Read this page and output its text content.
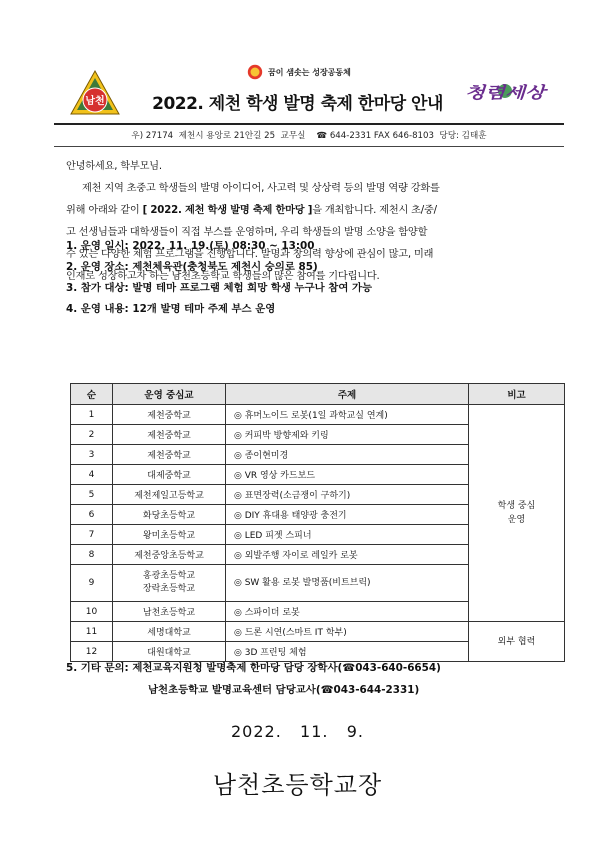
남천
꿈이 샘솟는 성장공동체
2022. 제천 학생 발명 축제 한마당 안내
청렴세상
우) 27174  제천시 용앙로 21안길 25  교무실    ☎ 644-2331 FAX 646-8103  당당: 김태훈
안녕하세요, 학부모님.
제천 지역 초중고 학생들의 발명 아이디어, 사고력 및 상상력 등의 발명 역량 강화를
위해 아래와 같이 [ 2022. 제천 학생 발명 축제 한마당 ]을 개최합니다. 제천시 초/중/
고 선생님들과 대학생들이 직접 부스를 운영하며, 우리 학생들의 발명 소양을 함양할
수 있는 다양한 체험 프로그램을 진행합니다. 발명과 창의력 향상에 관심이 많고, 미래
인재로 성장하고자 하는 남천초등학교 학생들의 많은 참여를 기다립니다.
1. 운영 일시: 2022. 11. 19.(토) 08:30 ~ 13:00
2. 운영 장소: 제천체육관(충청북도 제천시 숭의로 85)
3. 참가 대상: 발명 테마 프로그램 체험 희망 학생 누구나 참여 가능
4. 운영 내용: 12개 발명 테마 주제 부스 운영
순	운영 중심교	주제	비고
1	제천중학교	◎ 휴머노이드 로봇(1일 과학교실 연계)	학생 중심
운영

2	제천중학교	◎ 커피박 방향제와 키링	
3	제천중학교	◎ 종이현미경	
4	대제중학교	◎ VR 영상 카드보드	
5	제천제일고등학교	◎ 표면장력(소금쟁이 구하기)	
6	화당초등학교	◎ DIY 휴대용 태양광 충전기	
7	왕미초등학교	◎ LED 피젯 스피너	
8	제천중앙초등학교	◎ 외발주행 자이로 레일카 로봇	
9	홍광초등학교
장락초등학교	◎ SW 활용 로봇 발명품(비트브릭)	
10	남천초등학교	◎ 스파이더 로봇	
11	세명대학교	◎ 드론 시연(스마트 IT 학부)	외부 협력
12	대원대학교	◎ 3D 프린팅 체험	
5. 기타 문의: 제천교육지원청 발명축제 한마당 담당 장학사(☎043-640-6654)
남천초등학교 발명교육센터 담당교사(☎043-644-2331)
2022.   11.   9.
남천초등학교장
